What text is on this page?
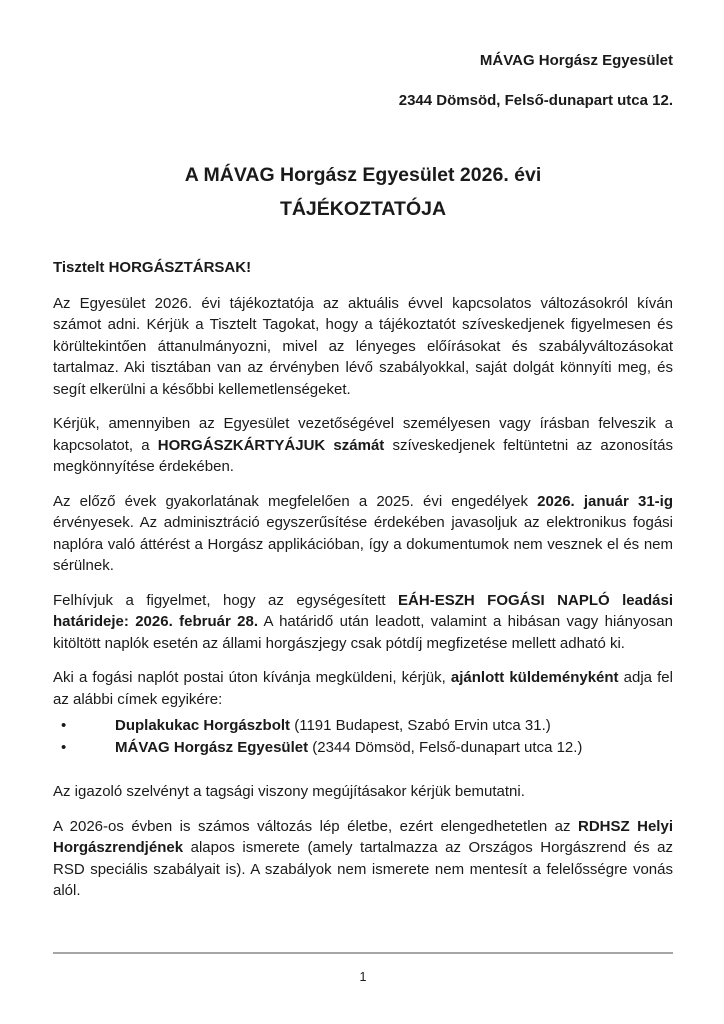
MÁVAG Horgász Egyesület
2344 Dömsöd, Felső-dunapart utca 12.
A MÁVAG Horgász Egyesület 2026. évi
TÁJÉKOZTATÓJA

Tisztelt HORGÁSZTÁRSAK!

Az Egyesület 2026. évi tájékoztatója az aktuális évvel kapcsolatos változásokról kíván számot adni. Kérjük a Tisztelt Tagokat, hogy a tájékoztatót szíveskedjenek figyelmesen és körültekintően áttanulmányozni, mivel az lényeges előírásokat és szabályváltozásokat tartalmaz. Aki tisztában van az érvényben lévő szabályokkal, saját dolgát könnyíti meg, és segít elkerülni a későbbi kellemetlenségeket.

Kérjük, amennyiben az Egyesület vezetőségével személyesen vagy írásban felveszik a kapcsolatot, a HORGÁSZKÁRTYÁJUK számát szíveskedjenek feltüntetni az azonosítás megkönnyítése érdekében.

Az előző évek gyakorlatának megfelelően a 2025. évi engedélyek 2026. január 31-ig érvényesek. Az adminisztráció egyszerűsítése érdekében javasoljuk az elektronikus fogási naplóra való áttérést a Horgász applikációban, így a dokumentumok nem vesznek el és nem sérülnek.

Felhívjuk a figyelmet, hogy az egységesített EÁH-ESZH FOGÁSI NAPLÓ leadási határideje: 2026. február 28. A határidő után leadott, valamint a hibásan vagy hiányosan kitöltött naplók esetén az állami horgászjegy csak pótdíj megfizetése mellett adható ki.

Aki a fogási naplót postai úton kívánja megküldeni, kérjük, ajánlott küldeményként adja fel az alábbi címek egyikére:

• Duplakukac Horgászbolt (1191 Budapest, Szabó Ervin utca 31.)
• MÁVAG Horgász Egyesület (2344 Dömsöd, Felső-dunapart utca 12.)

Az igazoló szelvényt a tagsági viszony megújításakor kérjük bemutatni.

A 2026-os évben is számos változás lép életbe, ezért elengedhetetlen az RDHSZ Helyi Horgászrendjének alapos ismerete (amely tartalmazza az Országos Horgászrend és az RSD speciális szabályait is). A szabályok nem ismerete nem mentesít a felelősségre vonás alól.

1
